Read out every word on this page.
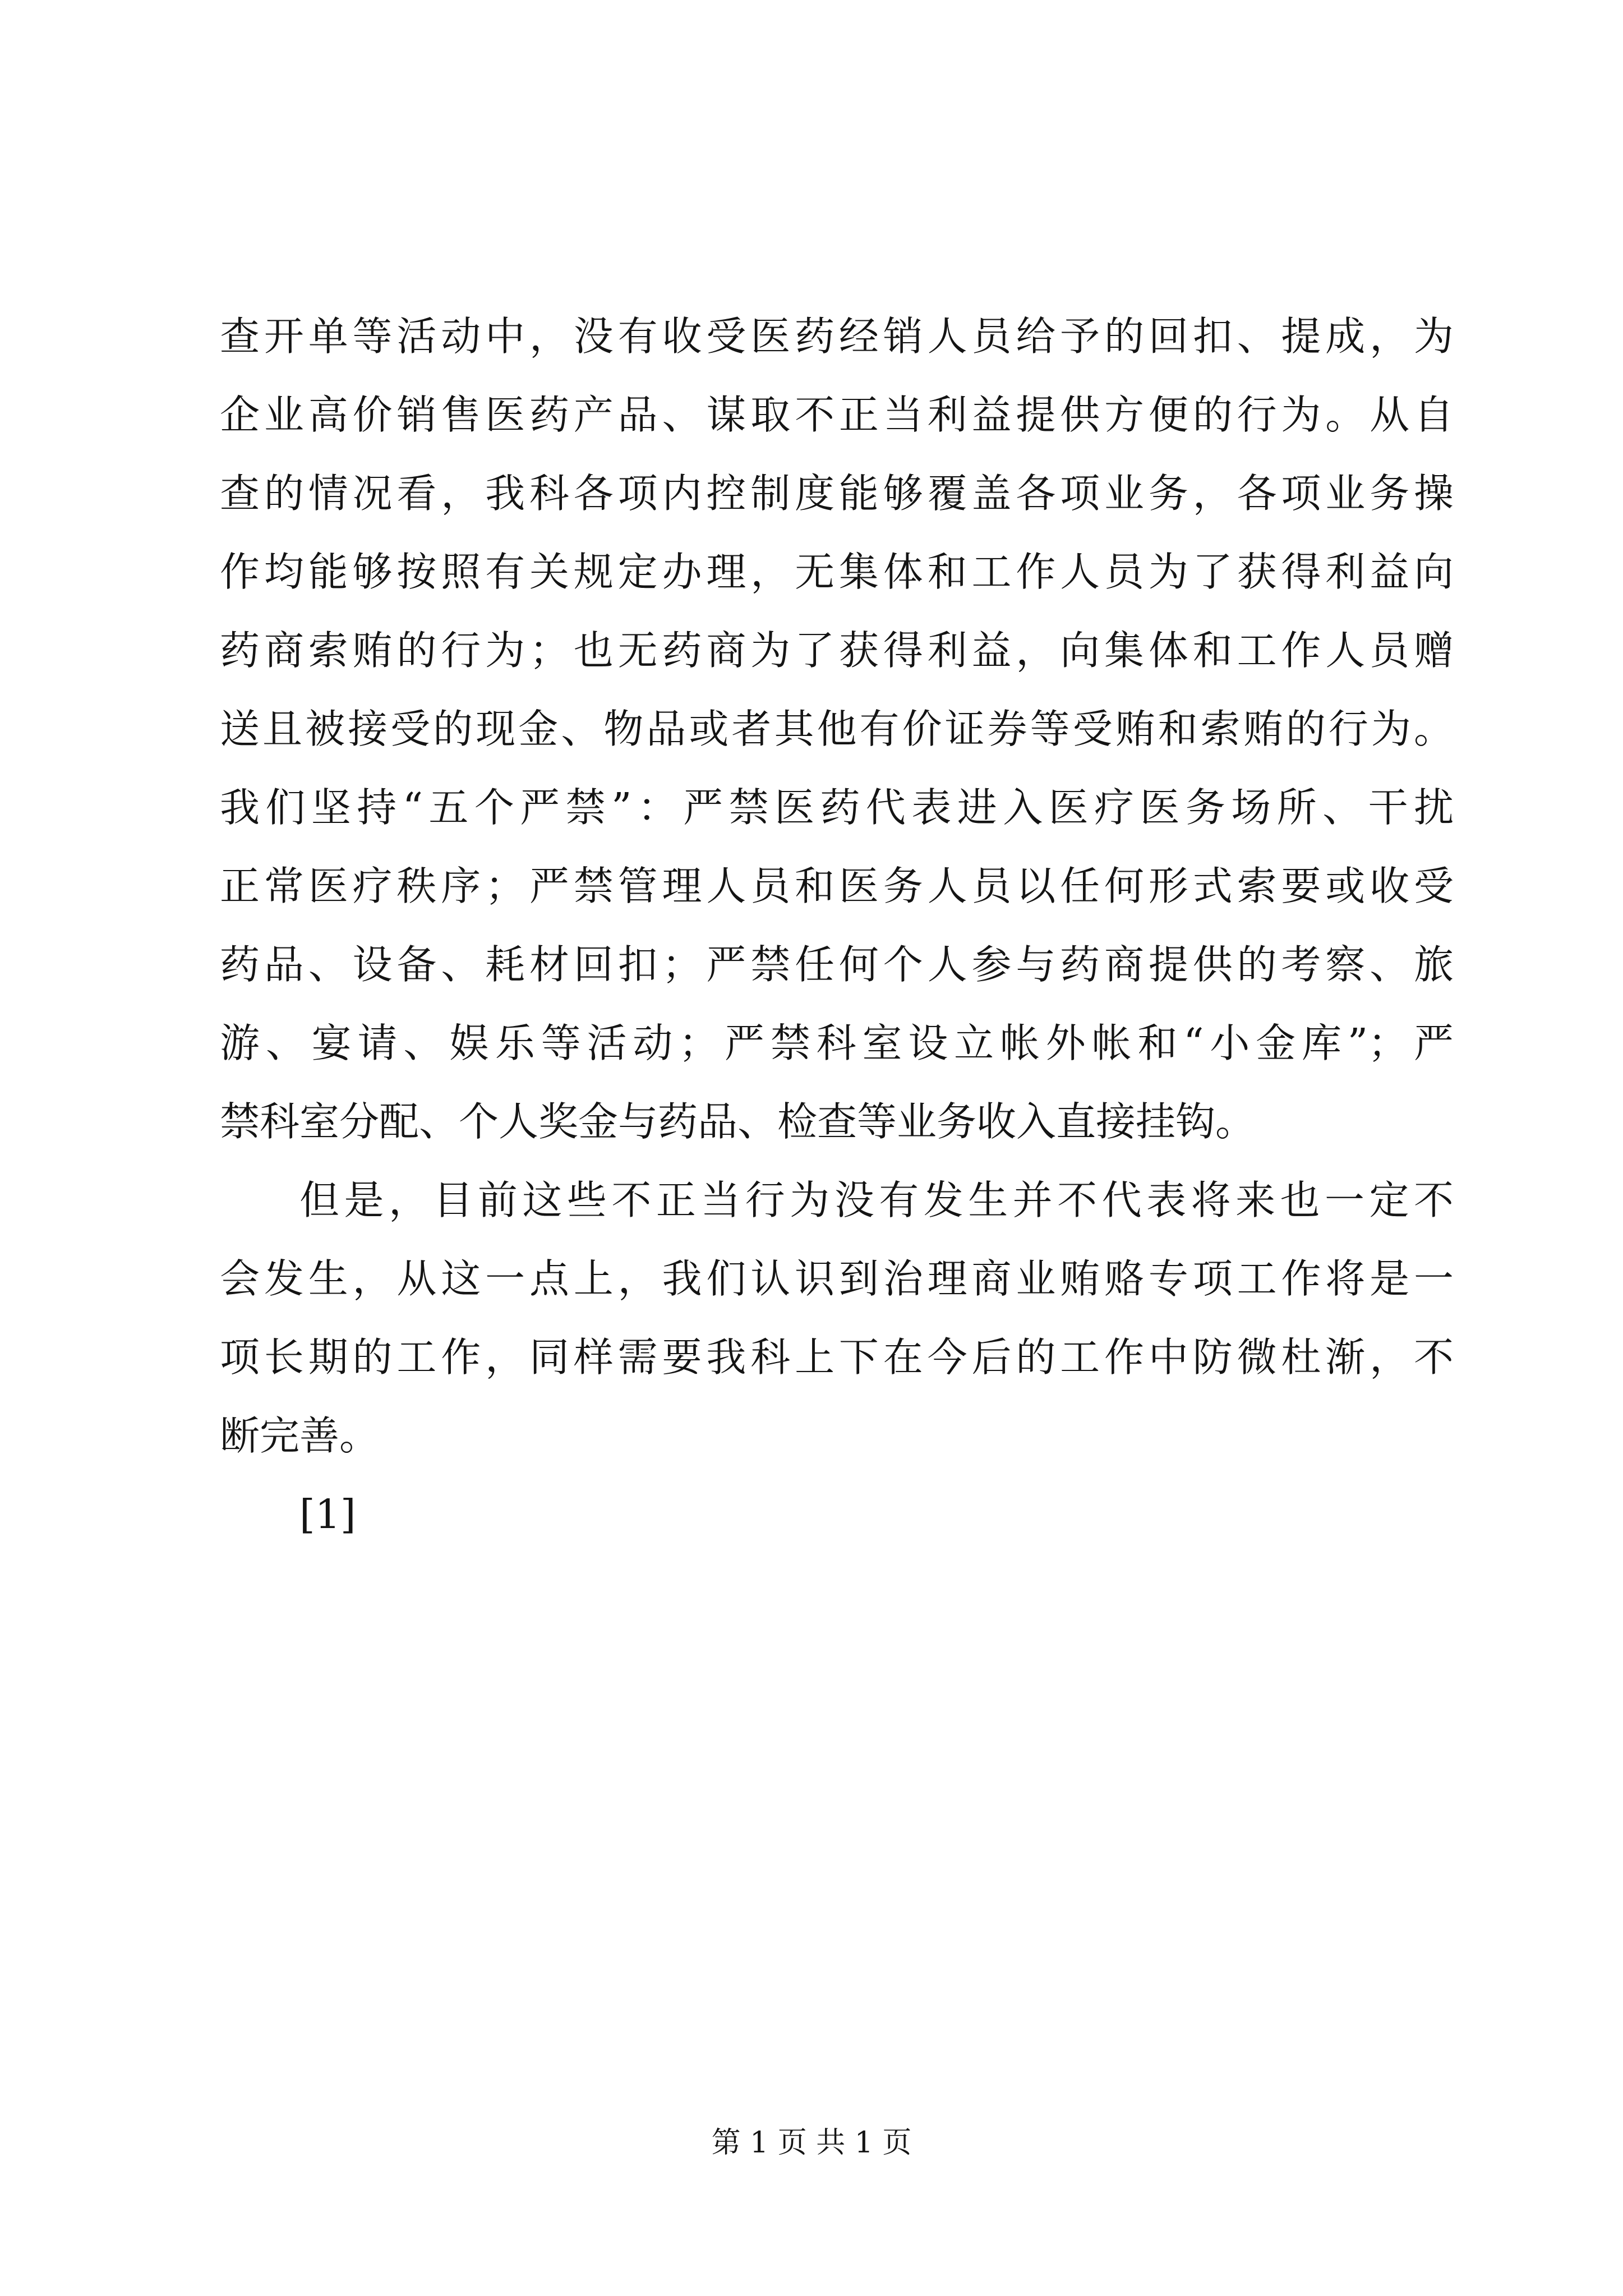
查开单等活动中，没有收受医药经销人员给予的回扣、提成，为
企业高价销售医药产品、谋取不正当利益提供方便的行为。从自
查的情况看，我科各项内控制度能够覆盖各项业务，各项业务操
作均能够按照有关规定办理，无集体和工作人员为了获得利益向
药商索贿的行为；也无药商为了获得利益，向集体和工作人员赠
送且被接受的现金、物品或者其他有价证券等受贿和索贿的行为。
我们坚持“五个严禁”：严禁医药代表进入医疗医务场所、干扰
正常医疗秩序；严禁管理人员和医务人员以任何形式索要或收受
药品、设备、耗材回扣；严禁任何个人参与药商提供的考察、旅
游、宴请、娱乐等活动；严禁科室设立帐外帐和“小金库”；严
禁科室分配、个人奖金与药品、检查等业务收入直接挂钩。
但是，目前这些不正当行为没有发生并不代表将来也一定不
会发生，从这一点上，我们认识到治理商业贿赂专项工作将是一
项长期的工作，同样需要我科上下在今后的工作中防微杜渐，不
断完善。
[1]
第 1 页 共 1 页
